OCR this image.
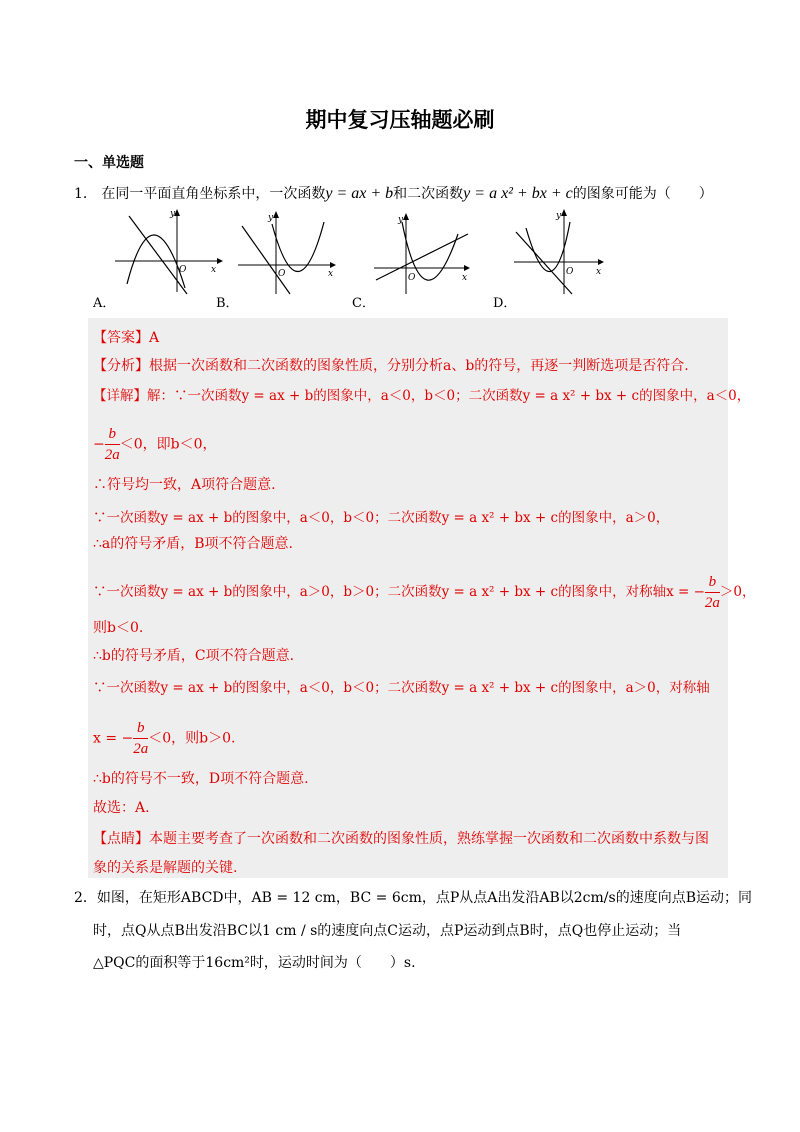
期中复习压轴题必刷
一、单选题
1． 在同一平面直角坐标系中，一次函数y = ax + b和二次函数y = a x² + bx + c的图象可能为（　　）
y
x
O
y
x
O
y
x
O
y
x
O
A．	B．	C．	D．
【答案】A
【分析】根据一次函数和二次函数的图象性质，分别分析a、b的符号，再逐一判断选项是否符合.
【详解】解：∵一次函数y = ax + b的图象中，a＜0，b＜0；二次函数y = a x² + bx + c的图象中，a＜0，
− $\frac{b}{2a}<0$，即b＜0，
∴符号均一致，A项符合题意.
∵一次函数y = ax + b的图象中，a＜0，b＜0；二次函数y = a x² + bx + c的图象中，a＞0，
∴a的符号矛盾，B项不符合题意.
∵一次函数y = ax + b的图象中，a＞0，b＞0；二次函数y = a x² + bx + c的图象中，对称轴x = − $\frac{b}{2a}>0$，
则b＜0.
∴b的符号矛盾，C项不符合题意.
∵一次函数y = ax + b的图象中，a＜0，b＜0；二次函数y = a x² + bx + c的图象中，a＞0，对称轴
x = − $\frac{b}{2a}<0$，则b＞0.
∴b的符号不一致，D项不符合题意.
故选：A.
【点睛】本题主要考查了一次函数和二次函数的图象性质，熟练掌握一次函数和二次函数中系数与图
象的关系是解题的关键.
2．如图，在矩形ABCD中，AB = 12 cm，BC = 6cm，点P从点A出发沿AB以2cm/s的速度向点B运动；同
时，点Q从点B出发沿BC以1 cm / s的速度向点C运动，点P运动到点B时，点Q也停止运动；当
△PQC的面积等于16cm²时，运动时间为（　　）s.
